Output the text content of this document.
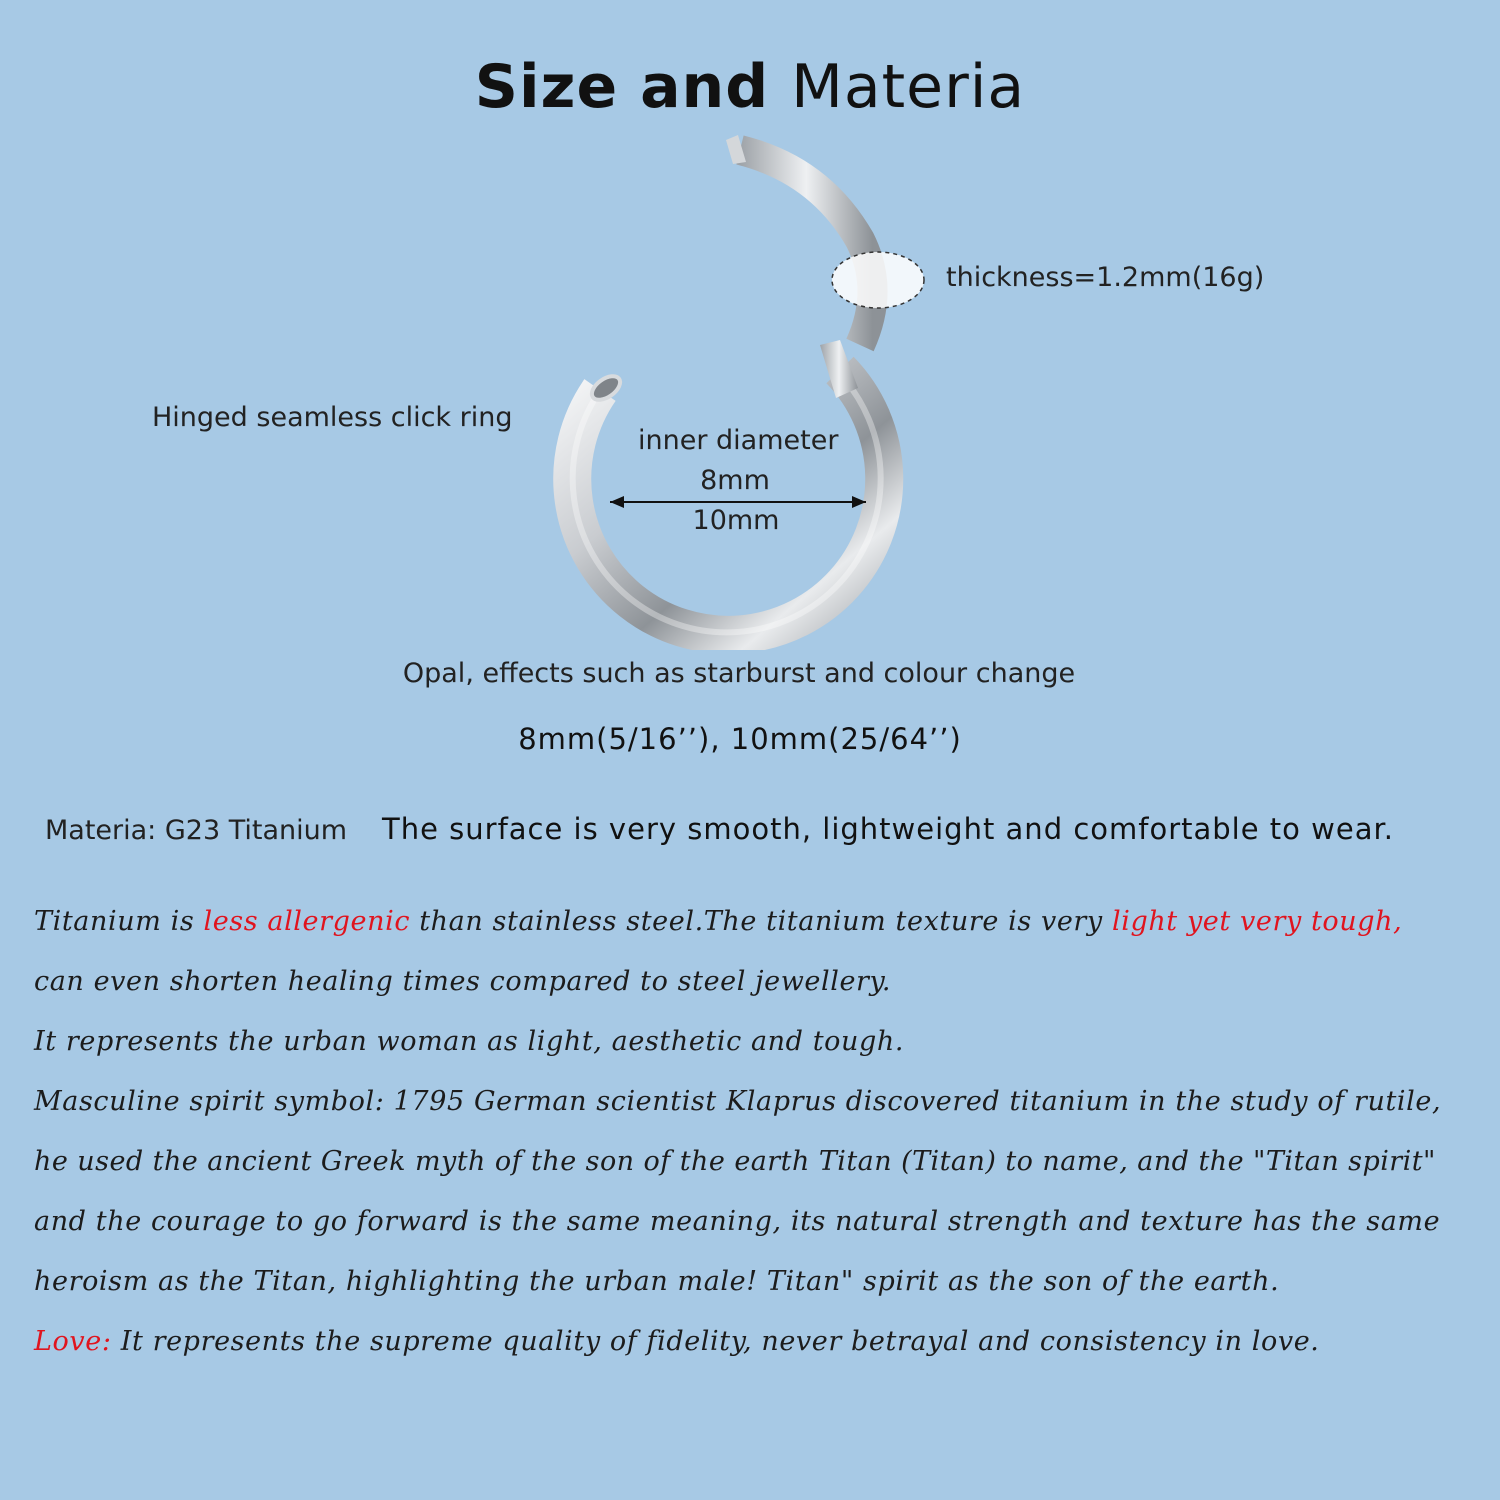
Size and Materia
thickness=1.2mm(16g)
Hinged seamless click ring
inner diameter
8mm
10mm
Opal, effects such as starburst and colour change
8mm(5/16’’), 10mm(25/64’’)
Materia: G23 Titanium The surface is very smooth, lightweight and comfortable to wear.
Titanium is less allergenic than stainless steel.The titanium texture is very light yet very tough,
can even shorten healing times compared to steel jewellery.
It represents the urban woman as light, aesthetic and tough.
Masculine spirit symbol: 1795 German scientist Klaprus discovered titanium in the study of rutile,
he used the ancient Greek myth of the son of the earth Titan (Titan) to name, and the "Titan spirit"
and the courage to go forward is the same meaning, its natural strength and texture has the same
heroism as the Titan, highlighting the urban male! Titan" spirit as the son of the earth.
Love: It represents the supreme quality of fidelity, never betrayal and consistency in love.
